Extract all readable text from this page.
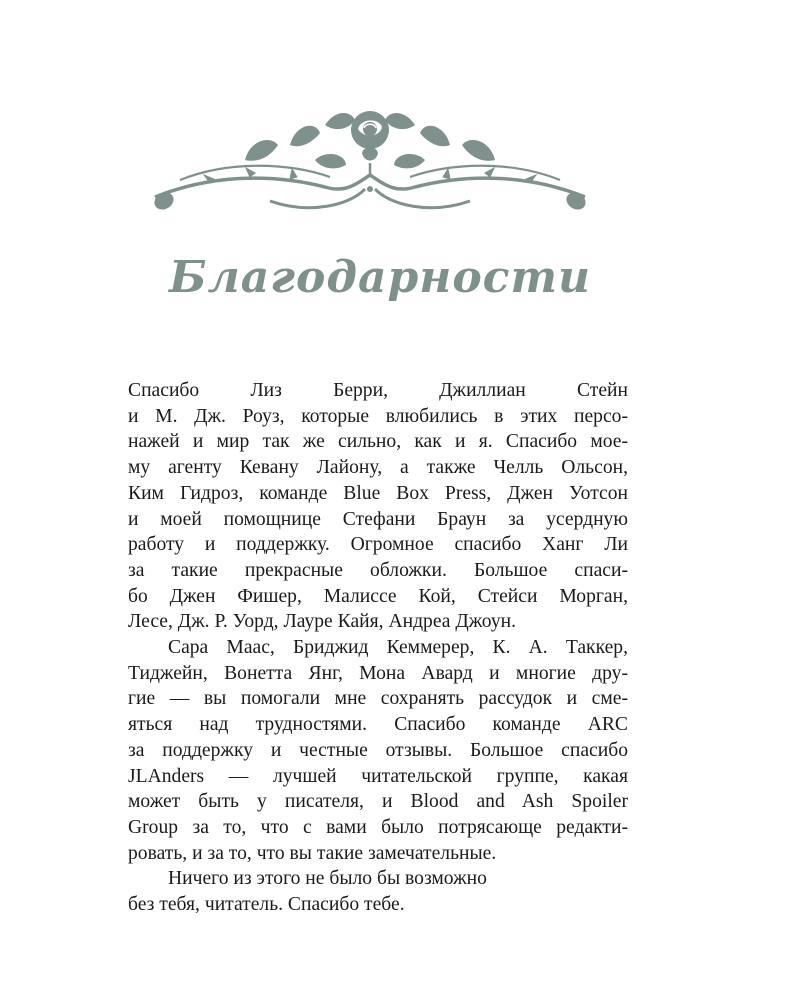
Благодарности

Спасибо Лиз Берри, Джиллиан Стейн
и М. Дж. Роуз, которые влюбились в этих персо-
нажей и мир так же сильно, как и я. Спасибо мое-
му агенту Кевану Лайону, а также Челль Ольсон,
Ким Гидроз, команде Blue Box Press, Джен Уотсон
и моей помощнице Стефани Браун за усердную
работу и поддержку. Огромное спасибо Ханг Ли
за такие прекрасные обложки. Большое спаси-
бо Джен Фишер, Малиссе Кой, Стейси Морган,
Лесе, Дж. Р. Уорд, Лауре Кайя, Андреа Джоун.

Сара Маас, Бриджид Кеммерер, К. А. Таккер,
Тиджейн, Вонетта Янг, Мона Авард и многие дру-
гие — вы помогали мне сохранять рассудок и сме-
яться над трудностями. Спасибо команде ARC
за поддержку и честные отзывы. Большое спасибо
JLAnders — лучшей читательской группе, какая
может быть у писателя, и Blood and Ash Spoiler
Group за то, что с вами было потрясающе редакти-
ровать, и за то, что вы такие замечательные.

Ничего из этого не было бы возможно
без тебя, читатель. Спасибо тебе.
